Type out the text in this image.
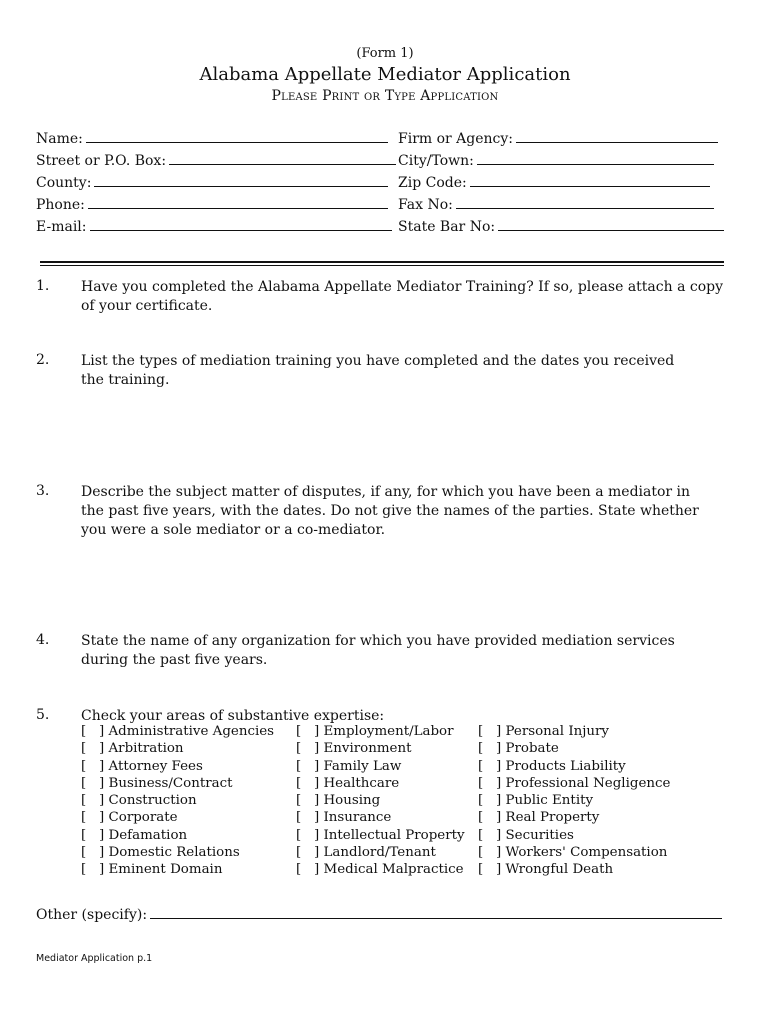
(Form 1)
Alabama Appellate Mediator Application
Please Print or Type Application
Name:
Street or P.O. Box:
County:
Phone:
E-mail:
Firm or Agency:
City/Town:
Zip Code:
Fax No:
State Bar No:
1. Have you completed the Alabama Appellate Mediator Training? If so, please attach a copy of your certificate.
2. List the types of mediation training you have completed and the dates you received the training.
3. Describe the subject matter of disputes, if any, for which you have been a mediator in the past five years, with the dates. Do not give the names of the parties. State whether you were a sole mediator or a co-mediator.
4. State the name of any organization for which you have provided mediation services during the past five years.
5. Check your areas of substantive expertise:
[ ] Administrative Agencies
[ ] Arbitration
[ ] Attorney Fees
[ ] Business/Contract
[ ] Construction
[ ] Corporate
[ ] Defamation
[ ] Domestic Relations
[ ] Eminent Domain
[ ] Employment/Labor
[ ] Environment
[ ] Family Law
[ ] Healthcare
[ ] Housing
[ ] Insurance
[ ] Intellectual Property
[ ] Landlord/Tenant
[ ] Medical Malpractice
[ ] Personal Injury
[ ] Probate
[ ] Products Liability
[ ] Professional Negligence
[ ] Public Entity
[ ] Real Property
[ ] Securities
[ ] Workers' Compensation
[ ] Wrongful Death
Other (specify):
Mediator Application p.1
